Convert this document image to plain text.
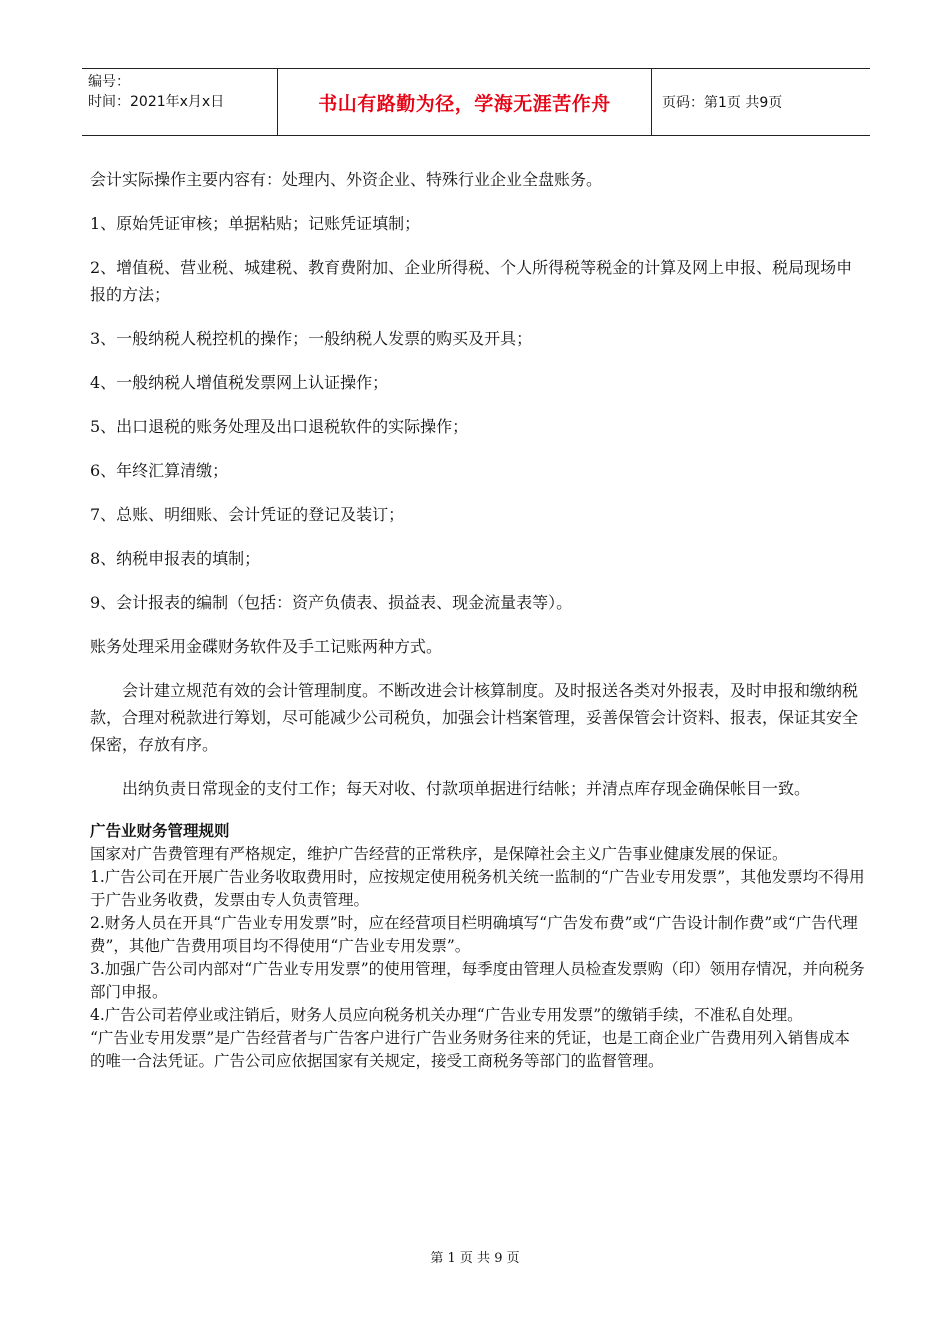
编号：
时间：2021年x月x日	书山有路勤为径，学海无涯苦作舟	页码：第1页 共9页

会计实际操作主要内容有：处理内、外资企业、特殊行业企业全盘账务。

1、原始凭证审核；单据粘贴；记账凭证填制；

2、增值税、营业税、城建税、教育费附加、企业所得税、个人所得税等税金的计算及网上申报、税局现场申报的方法；

3、一般纳税人税控机的操作；一般纳税人发票的购买及开具；

4、一般纳税人增值税发票网上认证操作；

5、出口退税的账务处理及出口退税软件的实际操作；

6、年终汇算清缴；

7、总账、明细账、会计凭证的登记及装订；

8、纳税申报表的填制；

9、会计报表的编制（包括：资产负债表、损益表、现金流量表等）。

账务处理采用金碟财务软件及手工记账两种方式。

会计建立规范有效的会计管理制度。不断改进会计核算制度。及时报送各类对外报表，及时申报和缴纳税款，合理对税款进行筹划，尽可能减少公司税负，加强会计档案管理，妥善保管会计资料、报表，保证其安全保密，存放有序。

出纳负责日常现金的支付工作；每天对收、付款项单据进行结帐；并清点库存现金确保帐目一致。

广告业财务管理规则

国家对广告费管理有严格规定，维护广告经营的正常秩序，是保障社会主义广告事业健康发展的保证。

1.广告公司在开展广告业务收取费用时，应按规定使用税务机关统一监制的“广告业专用发票”，其他发票均不得用于广告业务收费，发票由专人负责管理。

2.财务人员在开具“广告业专用发票”时，应在经营项目栏明确填写“广告发布费”或“广告设计制作费”或“广告代理费”，其他广告费用项目均不得使用“广告业专用发票”。

3.加强广告公司内部对“广告业专用发票”的使用管理，每季度由管理人员检查发票购（印）领用存情况，并向税务部门申报。

4.广告公司若停业或注销后，财务人员应向税务机关办理“广告业专用发票”的缴销手续，不准私自处理。

“广告业专用发票”是广告经营者与广告客户进行广告业务财务往来的凭证，也是工商企业广告费用列入销售成本的唯一合法凭证。广告公司应依据国家有关规定，接受工商税务等部门的监督管理。

第 1 页 共 9 页
